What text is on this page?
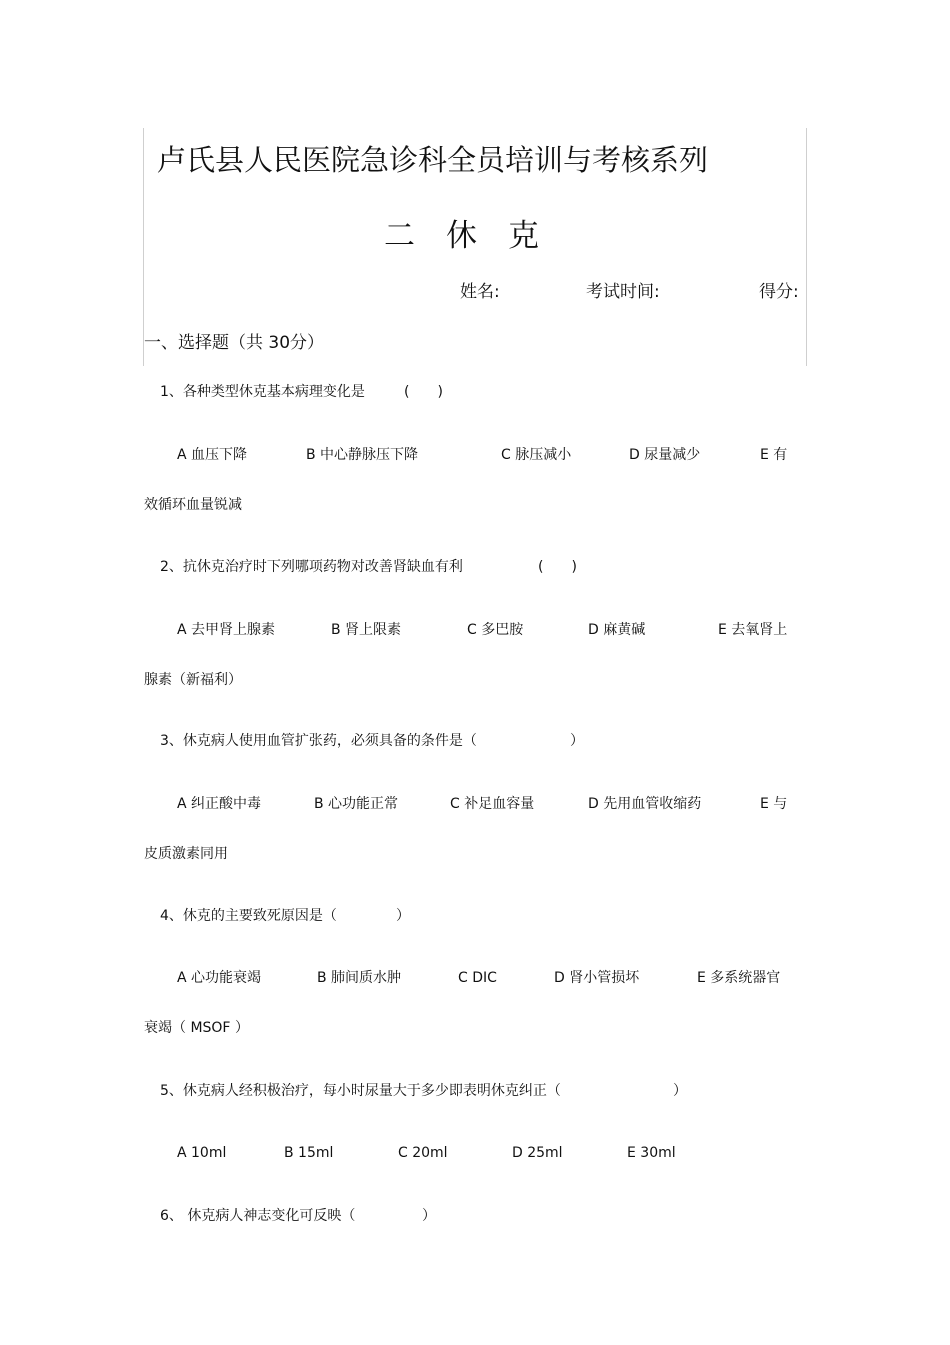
卢氏县人民医院急诊科全员培训与考核系列
二　休　克
姓名:	考试时间:	得分:
一、选择题（共 30分）
1、各种类型休克基本病理变化是	(　　)
A 血压下降	B 中心静脉压下降	C 脉压减小	D 尿量减少	E 有
效循环血量锐减
2、抗休克治疗时下列哪项药物对改善肾缺血有利	(　　)
A 去甲肾上腺素	B 肾上限素	C 多巴胺	D 麻黄碱	E 去氧肾上
腺素（新福利）
3、休克病人使用血管扩张药，必须具备的条件是（	）
A 纠正酸中毒	B 心功能正常	C 补足血容量	D 先用血管收缩药	E 与
皮质激素同用
4、休克的主要致死原因是（	）
A 心功能衰竭	B 肺间质水肿	C DIC	D 肾小管损坏	E 多系统器官
衰竭（ MSOF ）
5、休克病人经积极治疗，每小时尿量大于多少即表明休克纠正（	）
A 10ml	B 15ml	C 20ml	D 25ml	E 30ml
6、 休克病人神志变化可反映（	）
